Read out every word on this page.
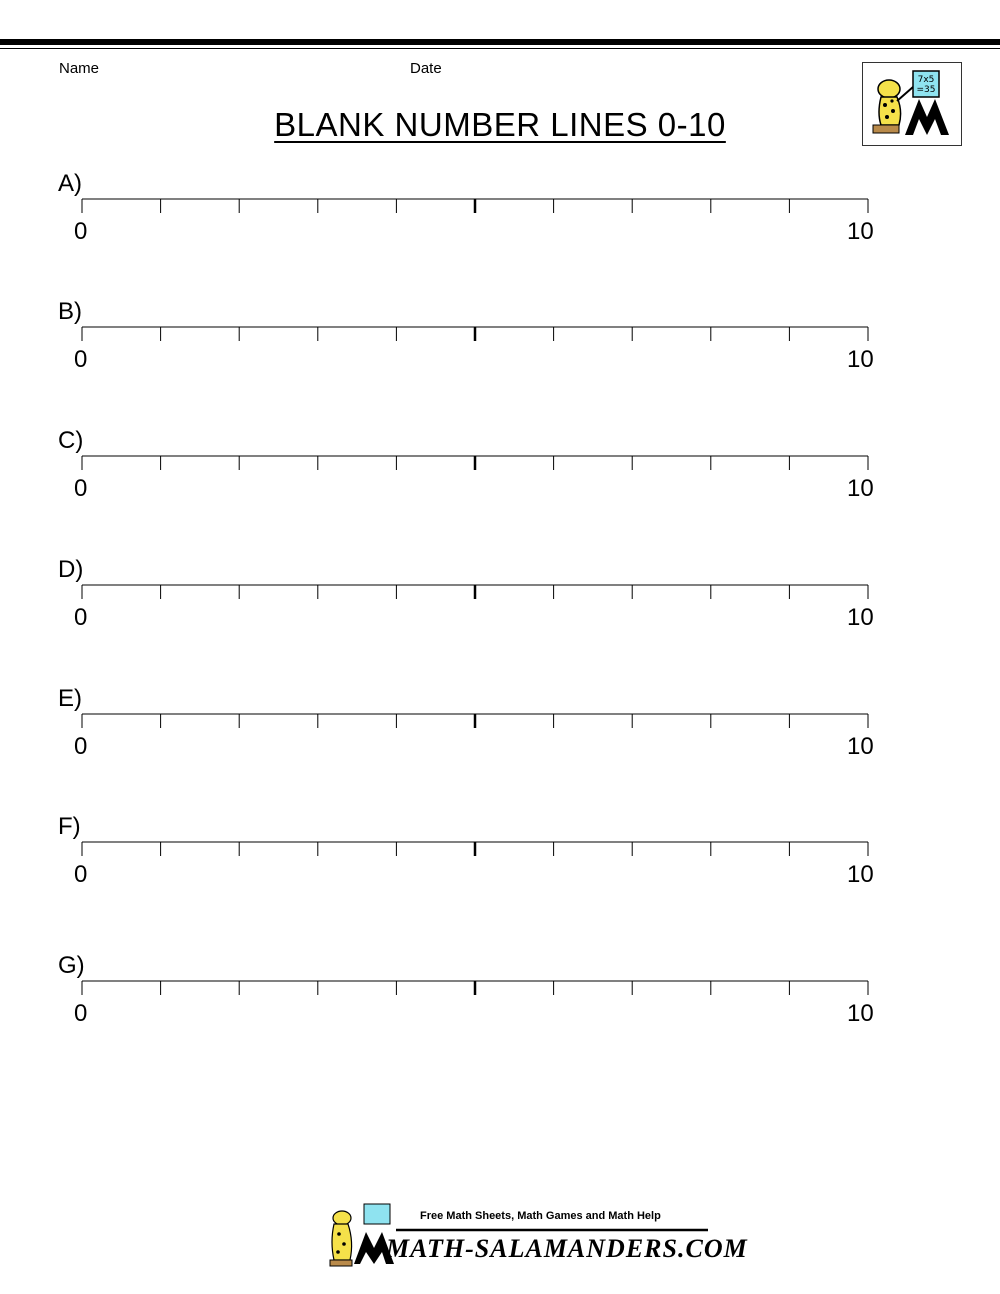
Name	Date
BLANK NUMBER LINES 0-10
7x5
=35
A)
0	10
B)
0	10
C)
0	10
D)
0	10
E)
0	10
F)
0	10
G)
0	10
Free Math Sheets, Math Games and Math Help
MATH-SALAMANDERS.COM
